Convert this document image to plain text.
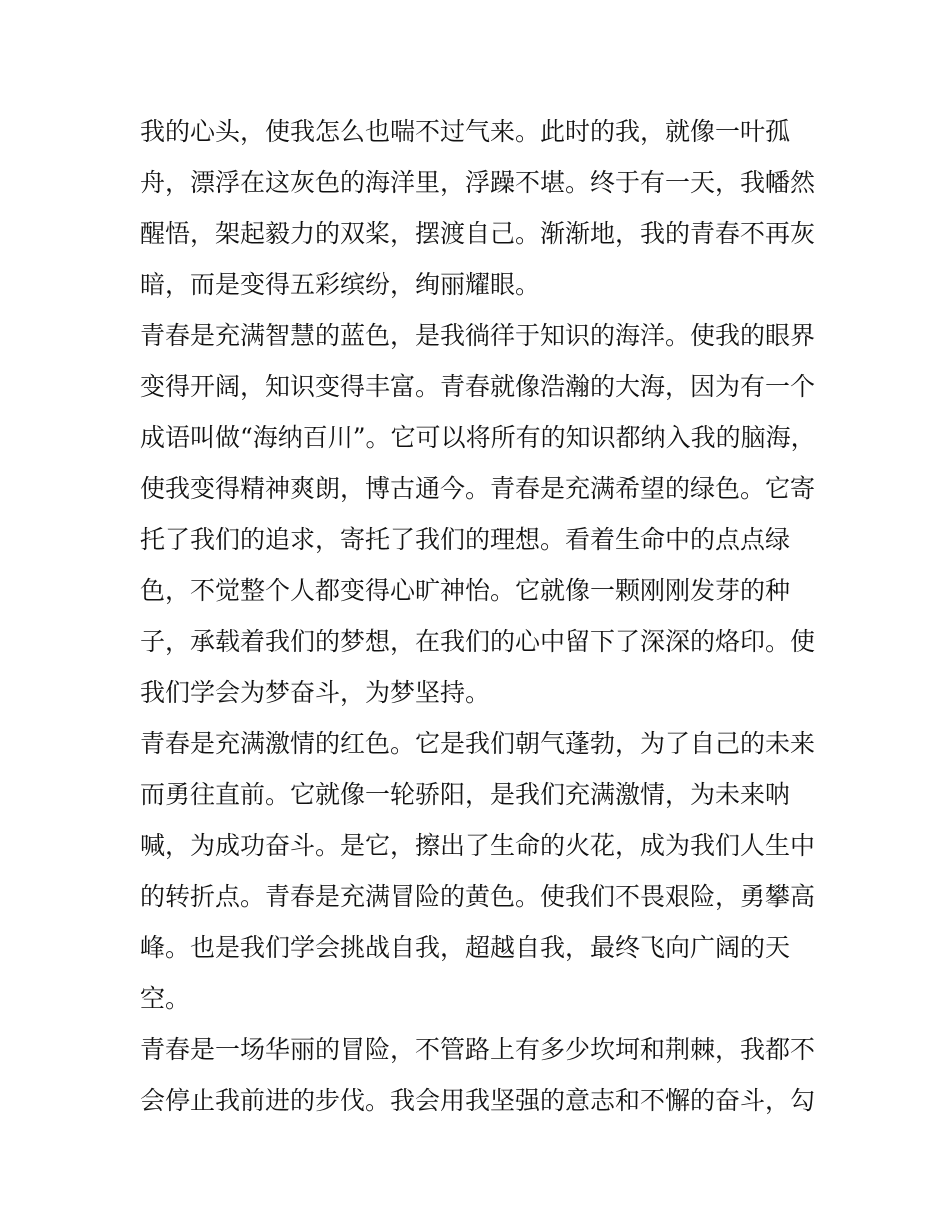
我的心头，使我怎么也喘不过气来。此时的我，就像一叶孤
舟，漂浮在这灰色的海洋里，浮躁不堪。终于有一天，我幡然
醒悟，架起毅力的双桨，摆渡自己。渐渐地，我的青春不再灰
暗，而是变得五彩缤纷，绚丽耀眼。
青春是充满智慧的蓝色，是我徜徉于知识的海洋。使我的眼界
变得开阔，知识变得丰富。青春就像浩瀚的大海，因为有一个
成语叫做“海纳百川”。它可以将所有的知识都纳入我的脑海，
使我变得精神爽朗，博古通今。青春是充满希望的绿色。它寄
托了我们的追求，寄托了我们的理想。看着生命中的点点绿
色，不觉整个人都变得心旷神怡。它就像一颗刚刚发芽的种
子，承载着我们的梦想，在我们的心中留下了深深的烙印。使
我们学会为梦奋斗，为梦坚持。
青春是充满激情的红色。它是我们朝气蓬勃，为了自己的未来
而勇往直前。它就像一轮骄阳，是我们充满激情，为未来呐
喊，为成功奋斗。是它，擦出了生命的火花，成为我们人生中
的转折点。青春是充满冒险的黄色。使我们不畏艰险，勇攀高
峰。也是我们学会挑战自我，超越自我，最终飞向广阔的天
空。
青春是一场华丽的冒险，不管路上有多少坎坷和荆棘，我都不
会停止我前进的步伐。我会用我坚强的意志和不懈的奋斗，勾
